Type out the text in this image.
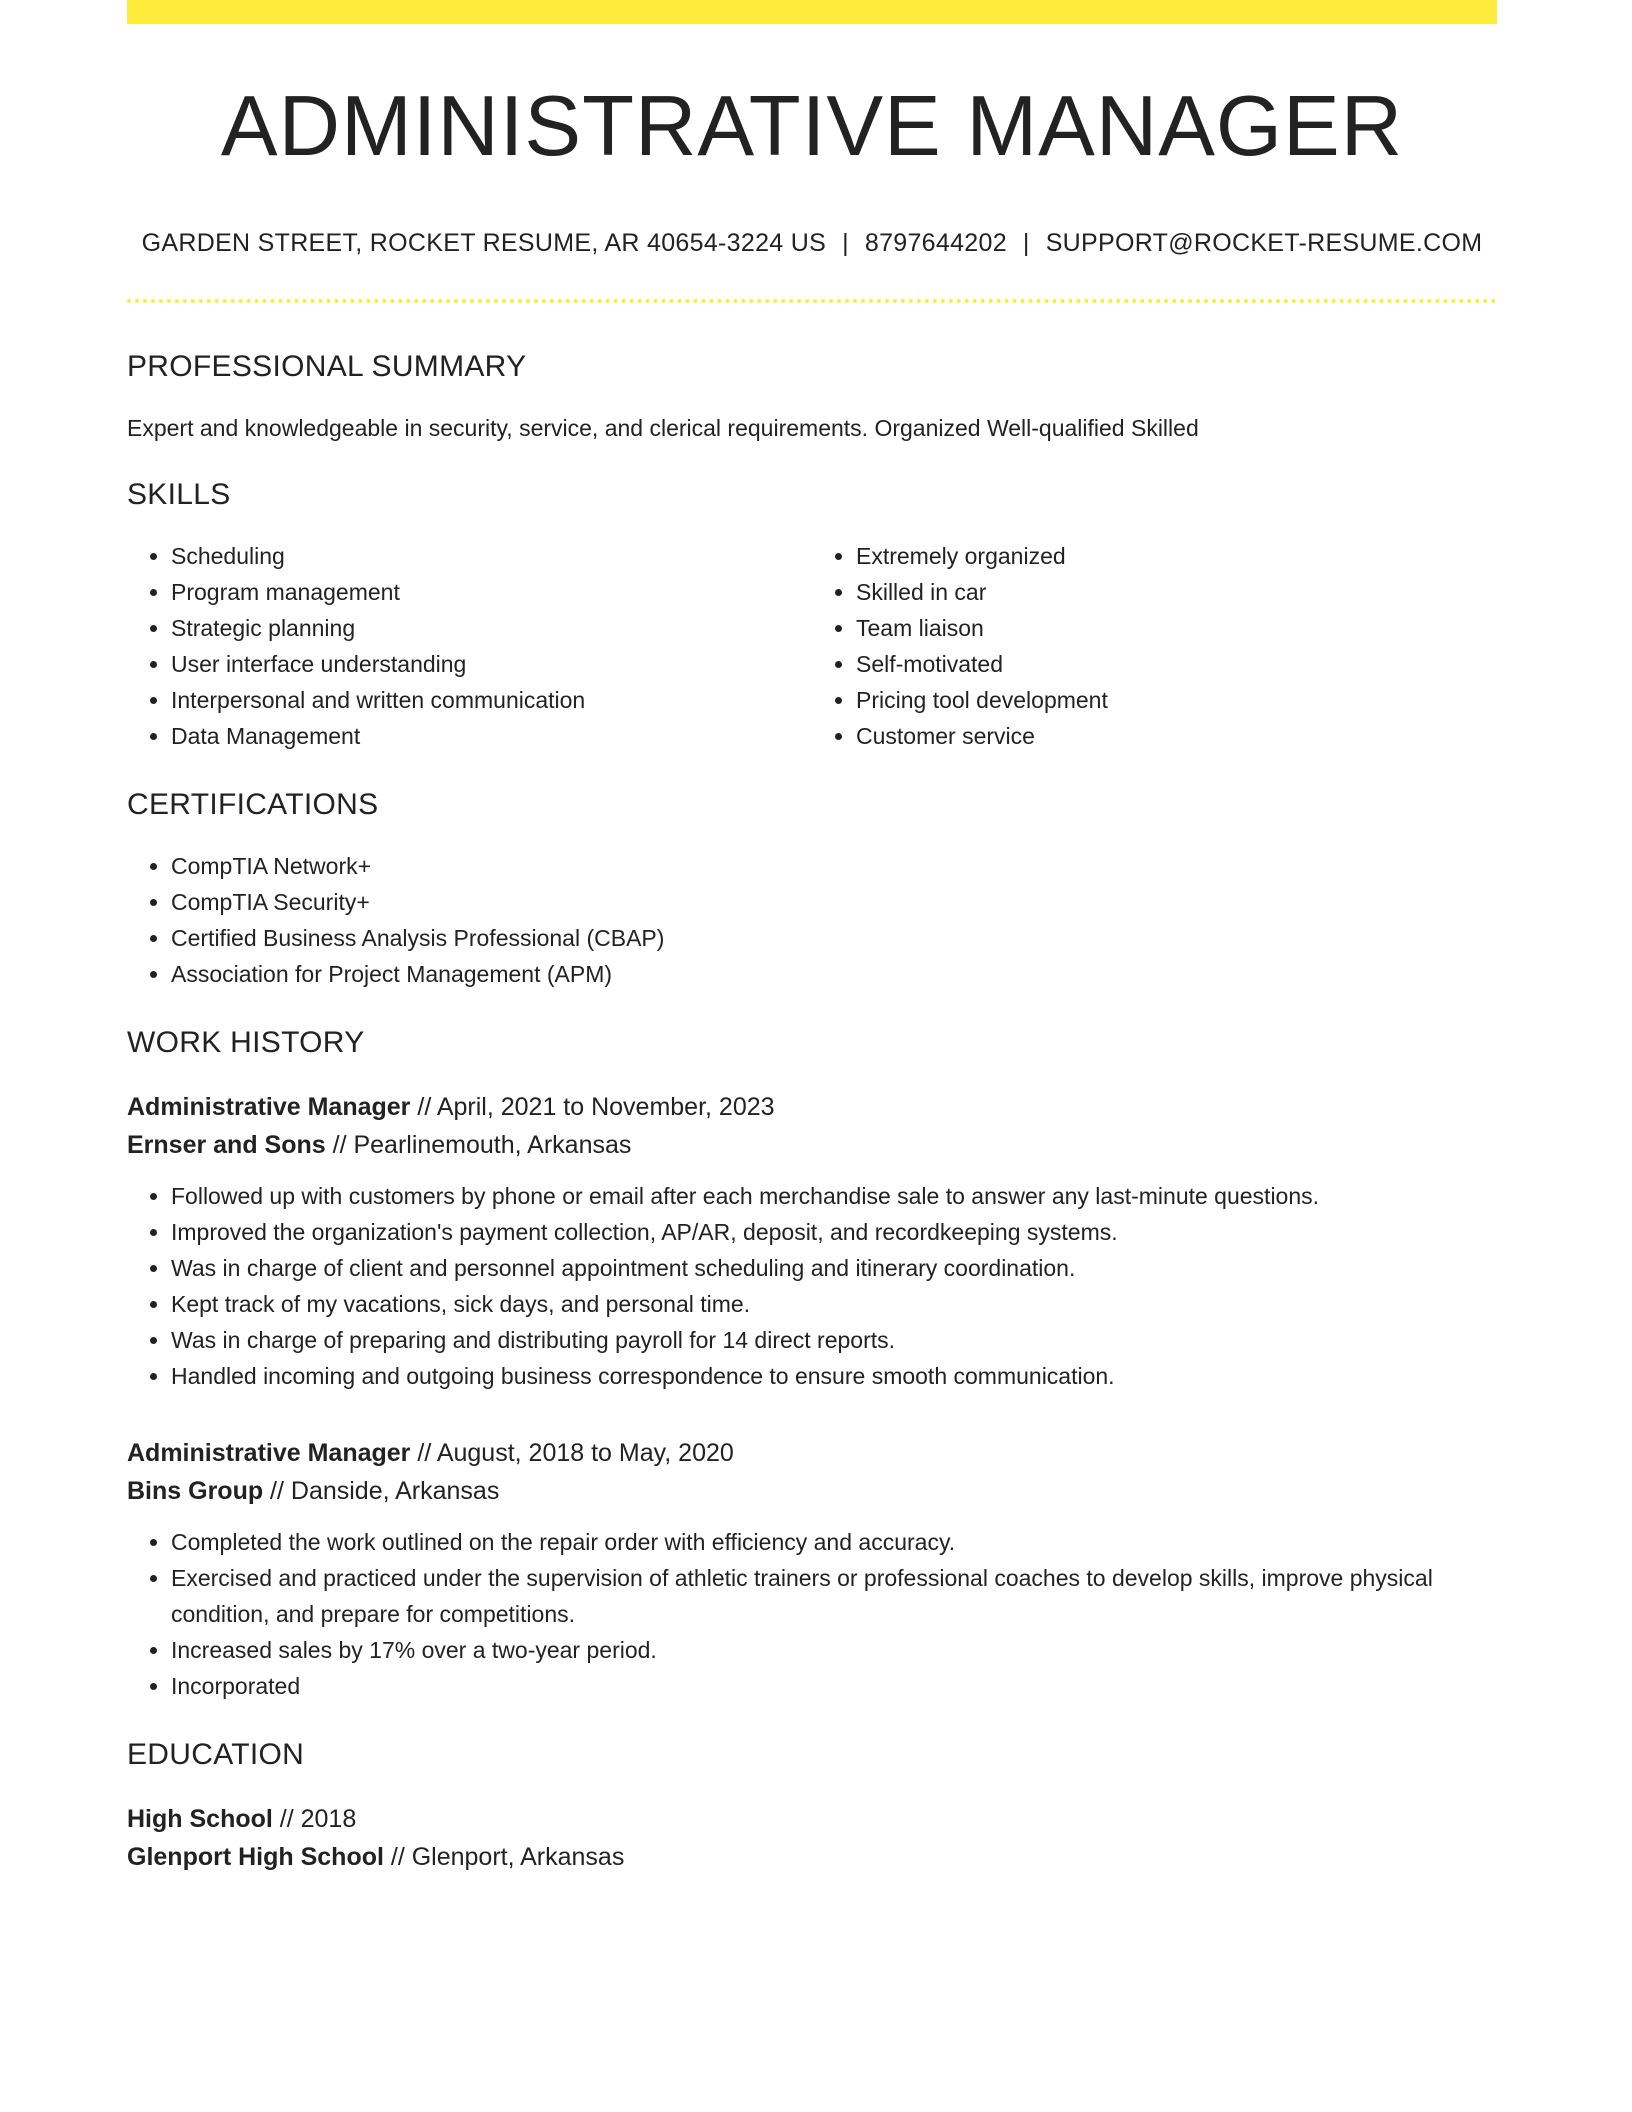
ADMINISTRATIVE MANAGER
GARDEN STREET, ROCKET RESUME, AR 40654-3224 US | 8797644202 | SUPPORT@ROCKET-RESUME.COM
PROFESSIONAL SUMMARY

Expert and knowledgeable in security, service, and clerical requirements. Organized Well-qualified Skilled

SKILLS
• Scheduling
• Program management
• Strategic planning
• User interface understanding
• Interpersonal and written communication
• Data Management
• Extremely organized
• Skilled in car
• Team liaison
• Self-motivated
• Pricing tool development
• Customer service
CERTIFICATIONS
• CompTIA Network+
• CompTIA Security+
• Certified Business Analysis Professional (CBAP)
• Association for Project Management (APM)
WORK HISTORY
Administrative Manager // April, 2021 to November, 2023
Ernser and Sons // Pearlinemouth, Arkansas
• Followed up with customers by phone or email after each merchandise sale to answer any last-minute questions.
• Improved the organization's payment collection, AP/AR, deposit, and recordkeeping systems.
• Was in charge of client and personnel appointment scheduling and itinerary coordination.
• Kept track of my vacations, sick days, and personal time.
• Was in charge of preparing and distributing payroll for 14 direct reports.
• Handled incoming and outgoing business correspondence to ensure smooth communication.
Administrative Manager // August, 2018 to May, 2020
Bins Group // Danside, Arkansas
• Completed the work outlined on the repair order with efficiency and accuracy.
• Exercised and practiced under the supervision of athletic trainers or professional coaches to develop skills, improve physical condition, and prepare for competitions.
• Increased sales by 17% over a two-year period.
• Incorporated
EDUCATION
High School // 2018
Glenport High School // Glenport, Arkansas
